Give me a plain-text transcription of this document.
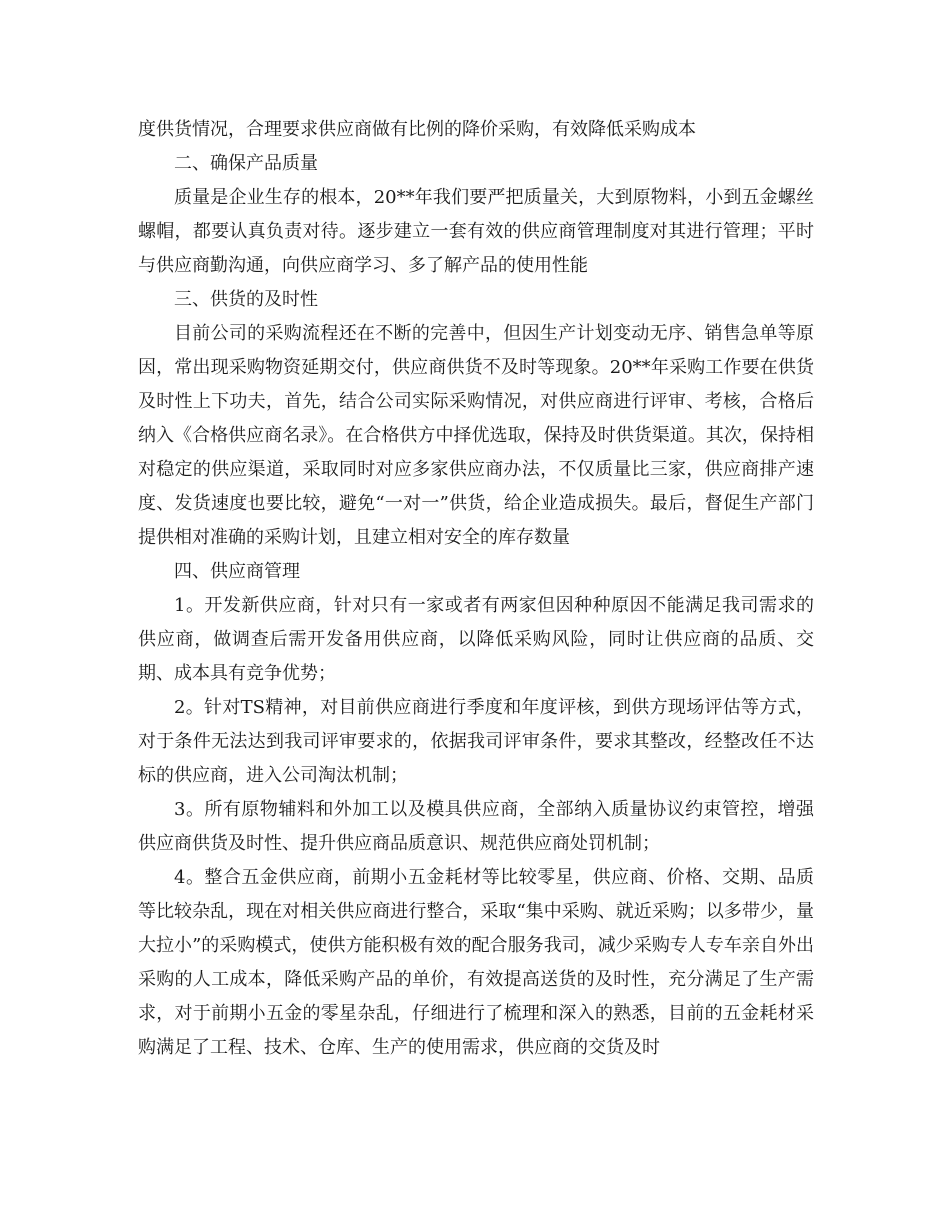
度供货情况，合理要求供应商做有比例的降价采购，有效降低采购成本

二、确保产品质量

质量是企业生存的根本，20**年我们要严把质量关，大到原物料，小到五金螺丝螺帽，都要认真负责对待。逐步建立一套有效的供应商管理制度对其进行管理；平时与供应商勤沟通，向供应商学习、多了解产品的使用性能

三、供货的及时性

目前公司的采购流程还在不断的完善中，但因生产计划变动无序、销售急单等原因，常出现采购物资延期交付，供应商供货不及时等现象。20**年采购工作要在供货及时性上下功夫，首先，结合公司实际采购情况，对供应商进行评审、考核，合格后纳入《合格供应商名录》。在合格供方中择优选取，保持及时供货渠道。其次，保持相对稳定的供应渠道，采取同时对应多家供应商办法，不仅质量比三家，供应商排产速度、发货速度也要比较，避免“一对一”供货，给企业造成损失。最后，督促生产部门提供相对准确的采购计划，且建立相对安全的库存数量

四、供应商管理

1。开发新供应商，针对只有一家或者有两家但因种种原因不能满足我司需求的供应商，做调查后需开发备用供应商，以降低采购风险，同时让供应商的品质、交期、成本具有竞争优势；

2。针对TS精神，对目前供应商进行季度和年度评核，到供方现场评估等方式，对于条件无法达到我司评审要求的，依据我司评审条件，要求其整改，经整改任不达标的供应商，进入公司淘汰机制；

3。所有原物辅料和外加工以及模具供应商，全部纳入质量协议约束管控，增强供应商供货及时性、提升供应商品质意识、规范供应商处罚机制；

4。整合五金供应商，前期小五金耗材等比较零星，供应商、价格、交期、品质等比较杂乱，现在对相关供应商进行整合，采取“集中采购、就近采购；以多带少，量大拉小”的采购模式，使供方能积极有效的配合服务我司，减少采购专人专车亲自外出采购的人工成本，降低采购产品的单价，有效提高送货的及时性，充分满足了生产需求，对于前期小五金的零星杂乱，仔细进行了梳理和深入的熟悉，目前的五金耗材采购满足了工程、技术、仓库、生产的使用需求，供应商的交货及时
